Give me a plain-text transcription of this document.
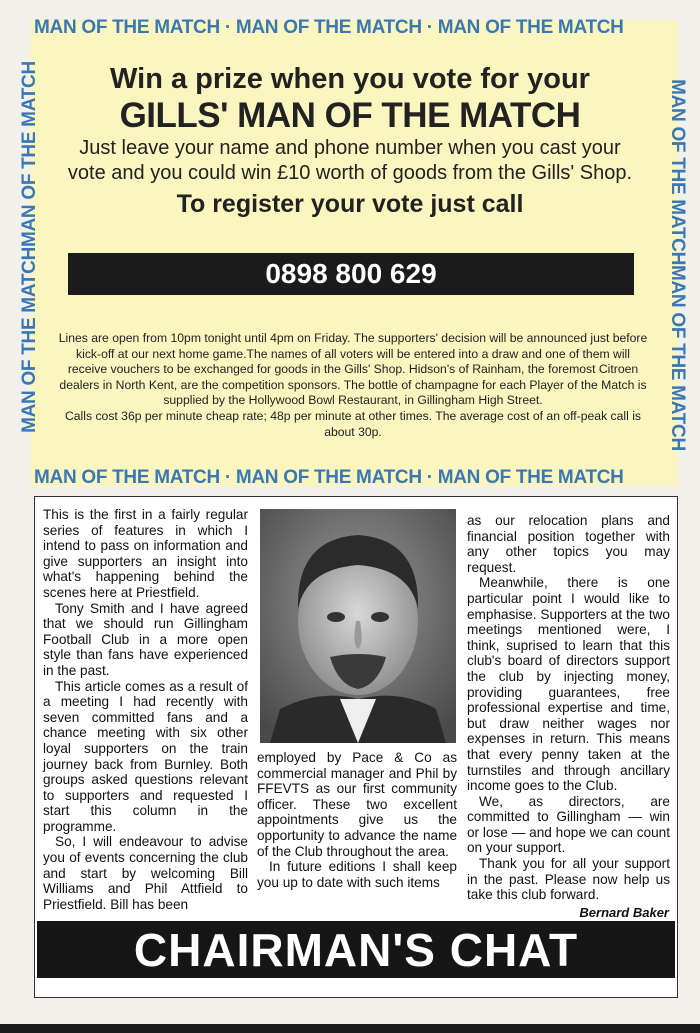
MAN OF THE MATCH · MAN OF THE MATCH · MAN OF THE MATCH
MAN OF THE MATCH · MAN OF THE MATCH · MAN OF THE MATCH
MAN OF THE MATCHMAN OF THE MATCH	MAN OF THE MATCHMAN OF THE MATCH
Win a prize when you vote for your
GILLS' MAN OF THE MATCH
Just leave your name and phone number when you cast your vote and you could win £10 worth of goods from the Gills' Shop.
To register your vote just call
0898 800 629

Lines are open from 10pm tonight until 4pm on Friday. The supporters' decision will be announced just before kick-off at our next home game.The names of all voters will be entered into a draw and one of them will receive vouchers to be exchanged for goods in the Gills' Shop. Hidson's of Rainham, the foremost Citroen dealers in North Kent, are the competition sponsors. The bottle of champagne for each Player of the Match is supplied by the Hollywood Bowl Restaurant, in Gillingham High Street.

Calls cost 36p per minute cheap rate; 48p per minute at other times. The average cost of an off-peak call is about 30p.

This is the first in a fairly regular series of features in which I intend to pass on information and give supporters an insight into what's happening behind the scenes here at Priestfield.

Tony Smith and I have agreed that we should run Gillingham Football Club in a more open style than fans have experienced in the past.

This article comes as a result of a meeting I had recently with seven committed fans and a chance meeting with six other loyal supporters on the train journey back from Burnley. Both groups asked questions relevant to supporters and requested I start this column in the programme.

So, I will endeavour to advise you of events concerning the club and start by welcoming Bill Williams and Phil Attfield to Priestfield. Bill has been

employed by Pace & Co as commercial manager and Phil by FFEVTS as our first community officer. These two excellent appointments give us the opportunity to advance the name of the Club throughout the area.

In future editions I shall keep you up to date with such items

as our relocation plans and financial position together with any other topics you may request.

Meanwhile, there is one particular point I would like to emphasise. Supporters at the two meetings mentioned were, I think, suprised to learn that this club's board of directors support the club by injecting money, providing guarantees, free professional expertise and time, but draw neither wages nor expenses in return. This means that every penny taken at the turnstiles and through ancillary income goes to the Club.

We, as directors, are committed to Gillingham — win or lose — and hope we can count on your support.

Thank you for all your support in the past. Please now help us take this club forward.

Bernard Baker
CHAIRMAN'S CHAT
